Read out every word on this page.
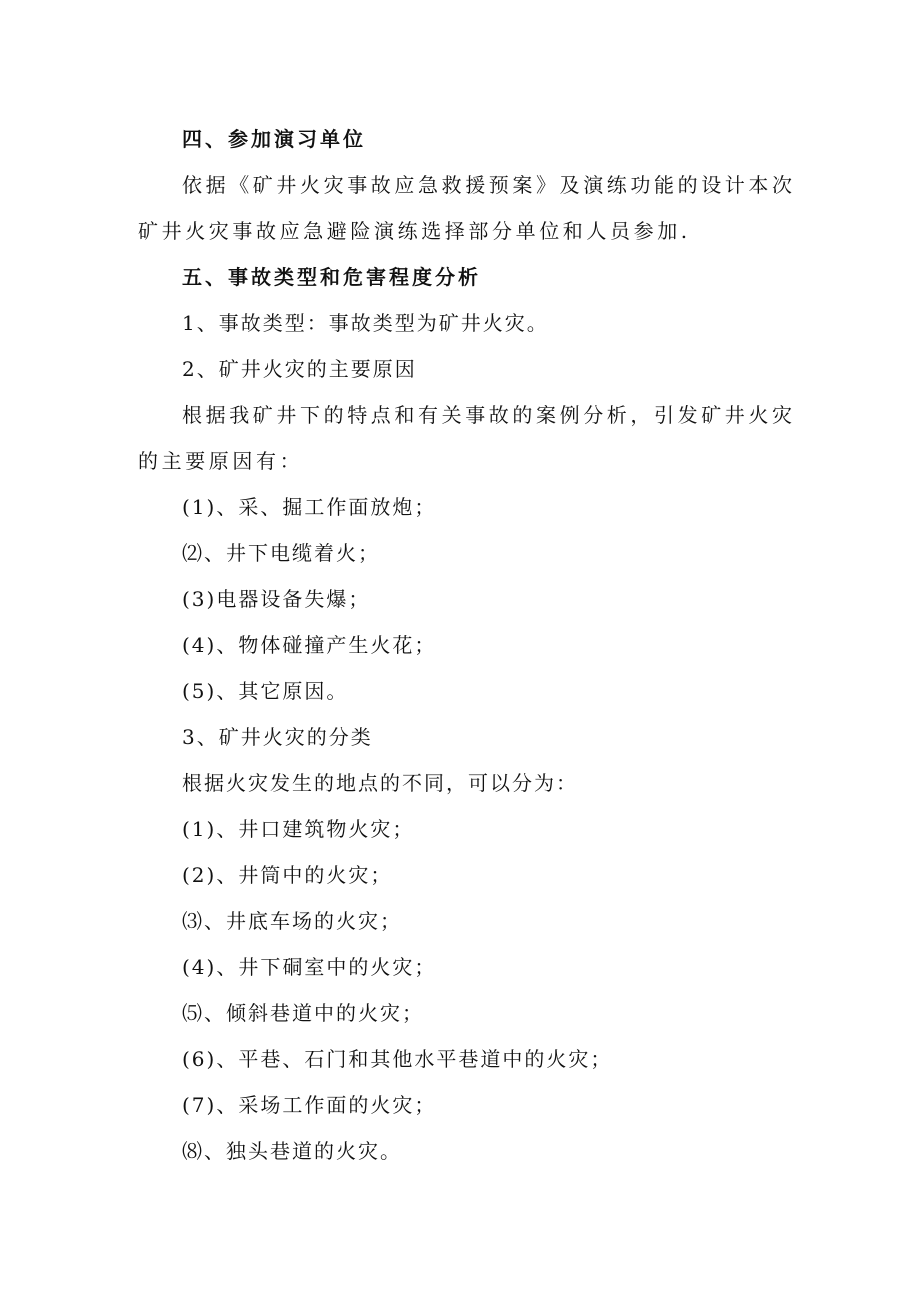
四、参加演习单位

依据《矿井火灾事故应急救援预案》及演练功能的设计本次矿井火灾事故应急避险演练选择部分单位和人员参加.

五、事故类型和危害程度分析

1、事故类型：事故类型为矿井火灾。

2、矿井火灾的主要原因

根据我矿井下的特点和有关事故的案例分析，引发矿井火灾的主要原因有：

(1)、采、掘工作面放炮；

⑵、井下电缆着火；

(3)电器设备失爆；

(4)、物体碰撞产生火花；

(5)、其它原因。

3、矿井火灾的分类

根据火灾发生的地点的不同，可以分为：

(1)、井口建筑物火灾；

(2)、井筒中的火灾；

⑶、井底车场的火灾；

(4)、井下硐室中的火灾；

⑸、倾斜巷道中的火灾；

(6)、平巷、石门和其他水平巷道中的火灾；

(7)、采场工作面的火灾；

⑻、独头巷道的火灾。
